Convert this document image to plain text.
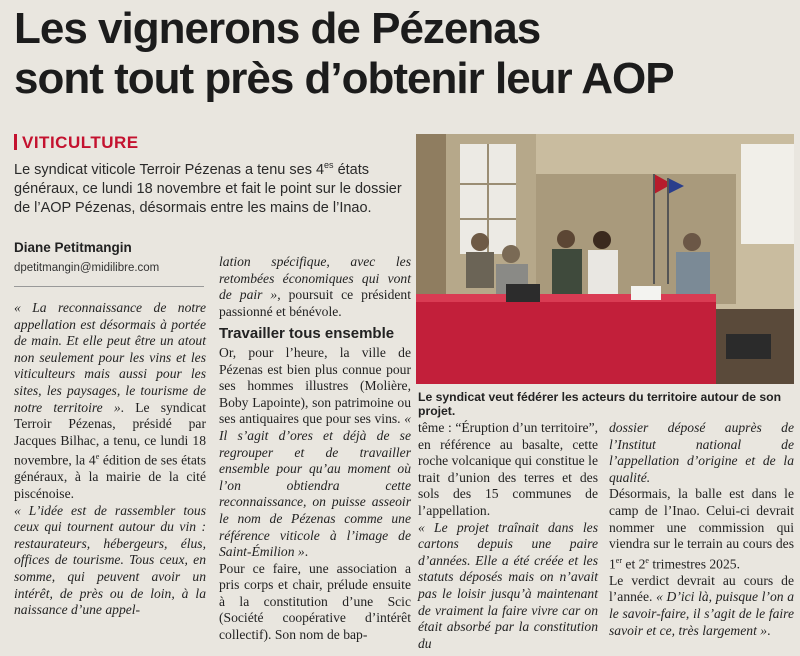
Les vignerons de Pézenas
sont tout près d’obtenir leur AOP
VITICULTURE
Le syndicat viticole Terroir Pézenas a tenu ses $4^{es}$ états généraux, ce lundi 18 novembre et fait le point sur le dossier de l’AOP Pézenas, désormais entre les mains de l’Inao.
Diane Petitmangin
dpetitmangin@midilibre.com

« La reconnaissance de notre appellation est désormais à portée de main. Et elle peut être un atout non seulement pour les vins et les viticulteurs mais aussi pour les sites, les paysages, le tourisme de notre territoire ». Le syndicat Terroir Pézenas, présidé par Jacques Bilhac, a tenu, ce lundi 18 novembre, la 4e édition de ses états généraux, à la mairie de la cité piscénoise.

« L’idée est de rassembler tous ceux qui tournent autour du vin : restaurateurs, hébergeurs, élus, offices de tourisme. Tous ceux, en somme, qui peuvent avoir un intérêt, de près ou de loin, à la naissance d’une appel-

lation spécifique, avec les retombées économiques qui vont de pair », poursuit ce président passionné et bénévole.

Travailler tous ensemble

Or, pour l’heure, la ville de Pézenas est bien plus connue pour ses hommes illustres (Molière, Boby Lapointe), son patrimoine ou ses antiquaires que pour ses vins. « Il s’agit d’ores et déjà de se regrouper et de travailler ensemble pour qu’au moment où l’on obtiendra cette reconnaissance, on puisse asseoir le nom de Pézenas comme une référence viticole à l’image de Saint-Émilion ».

Pour ce faire, une association a pris corps et chair, prélude ensuite à la constitution d’une Scic (Société coopérative d’intérêt collectif). Son nom de bap-

Le syndicat veut fédérer les acteurs du territoire autour de son projet.

tême : “Éruption d’un territoire”, en référence au basalte, cette roche volcanique qui constitue le trait d’union des terres et des sols des 15 communes de l’appellation.

« Le projet traînait dans les cartons depuis une paire d’années. Elle a été créée et les statuts déposés mais on n’avait pas le loisir jusqu’à maintenant de vraiment la faire vivre car on était absorbé par la constitution du

dossier déposé auprès de l’Institut national de l’appellation d’origine et de la qualité.

Désormais, la balle est dans le camp de l’Inao. Celui-ci devrait nommer une commission qui viendra sur le terrain au cours des 1er et 2e trimestres 2025.

Le verdict devrait au cours de l’année. « D’ici là, puisque l’on a le savoir-faire, il s’agit de le faire savoir et ce, très largement ».
